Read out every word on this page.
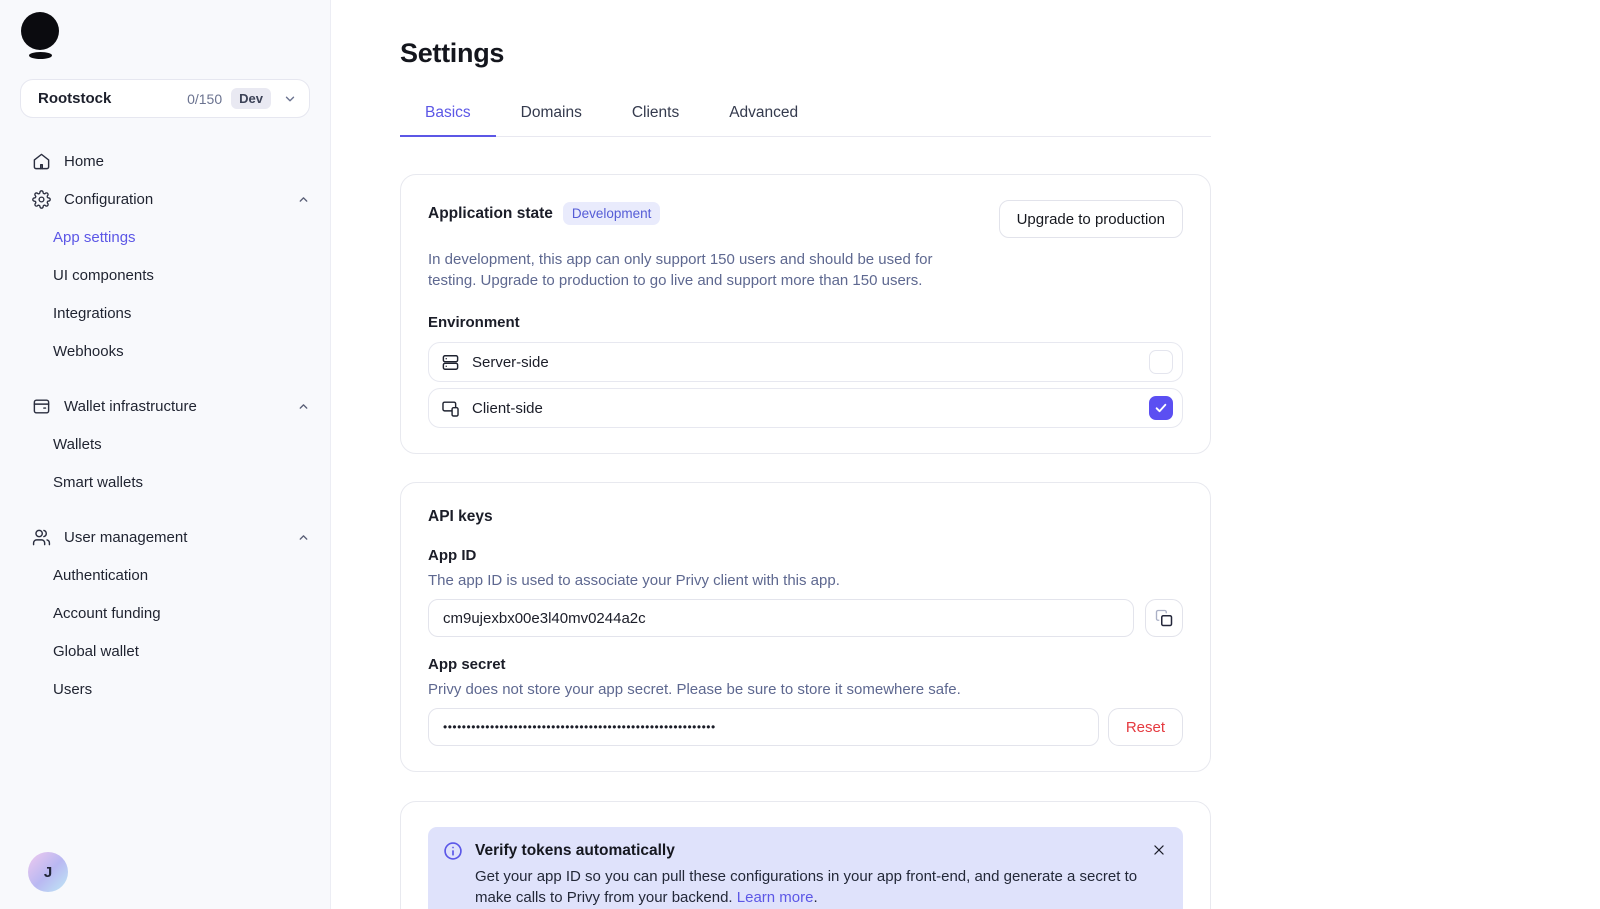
Rootstock	0/150	Dev
Home
Configuration
App settings
UI components
Integrations
Webhooks
Wallet infrastructure
Wallets
Smart wallets
User management
Authentication
Account funding
Global wallet
Users
J
Settings
Basics	Domains	Clients	Advanced
Application state	Development	Upgrade to production

In development, this app can only support 150 users and should be used for testing. Upgrade to production to go live and support more than 150 users.

Environment
Server-side
Client-side
API keys
App ID
The app ID is used to associate your Privy client with this app.
cm9ujexbx00e3l40mv0244a2c
App secret
Privy does not store your app secret. Please be sure to store it somewhere safe.
••••••••••••••••••••••••••••••••••••••••••••••••••••••••••
Reset
Verify tokens automatically

Get your app ID so you can pull these configurations in your app front-end, and generate a secret to make calls to Privy from your backend. Learn more.
